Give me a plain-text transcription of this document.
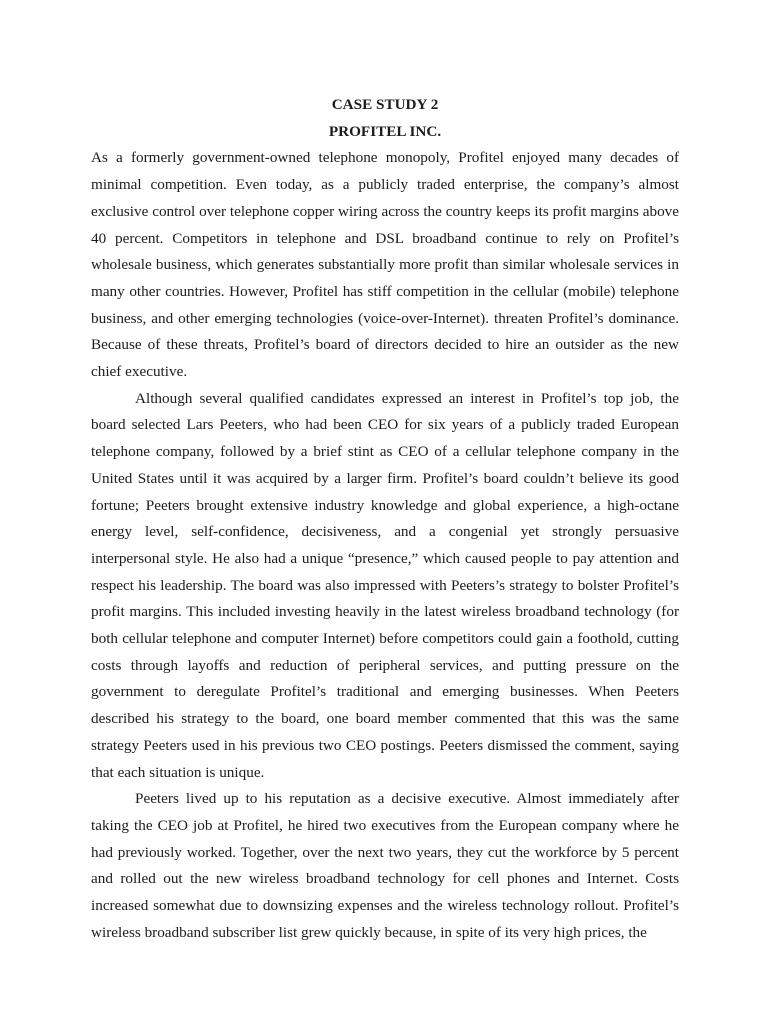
CASE STUDY 2

PROFITEL INC.

As a formerly government-owned telephone monopoly, Profitel enjoyed many decades of minimal competition. Even today, as a publicly traded enterprise, the company’s almost exclusive control over telephone copper wiring across the country keeps its profit margins above 40 percent. Competitors in telephone and DSL broadband continue to rely on Profitel’s wholesale business, which generates substantially more profit than similar wholesale services in many other countries. However, Profitel has stiff competition in the cellular (mobile) telephone business, and other emerging technologies (voice-over-Internet). threaten Profitel’s dominance. Because of these threats, Profitel’s board of directors decided to hire an outsider as the new chief executive.

Although several qualified candidates expressed an interest in Profitel’s top job, the board selected Lars Peeters, who had been CEO for six years of a publicly traded European telephone company, followed by a brief stint as CEO of a cellular telephone company in the United States until it was acquired by a larger firm. Profitel’s board couldn’t believe its good fortune; Peeters brought extensive industry knowledge and global experience, a high-octane energy level, self-confidence, decisiveness, and a congenial yet strongly persuasive interpersonal style. He also had a unique “presence,” which caused people to pay attention and respect his leadership. The board was also impressed with Peeters’s strategy to bolster Profitel’s profit margins. This included investing heavily in the latest wireless broadband technology (for both cellular telephone and computer Internet) before competitors could gain a foothold, cutting costs through layoffs and reduction of peripheral services, and putting pressure on the government to deregulate Profitel’s traditional and emerging businesses. When Peeters described his strategy to the board, one board member commented that this was the same strategy Peeters used in his previous two CEO postings. Peeters dismissed the comment, saying that each situation is unique.

Peeters lived up to his reputation as a decisive executive. Almost immediately after taking the CEO job at Profitel, he hired two executives from the European company where he had previously worked. Together, over the next two years, they cut the workforce by 5 percent and rolled out the new wireless broadband technology for cell phones and Internet. Costs increased somewhat due to downsizing expenses and the wireless technology rollout. Profitel’s wireless broadband subscriber list grew quickly because, in spite of its very high prices, the
